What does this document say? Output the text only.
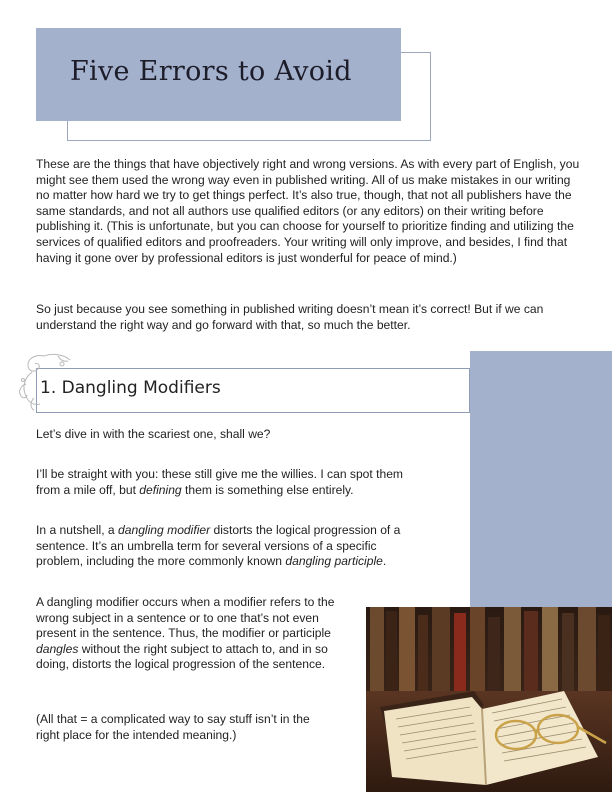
Five Errors to Avoid

These are the things that have objectively right and wrong versions. As with every part of English, you might see them used the wrong way even in published writing. All of us make mistakes in our writing no matter how hard we try to get things perfect. It’s also true, though, that not all publishers have the same standards, and not all authors use qualified editors (or any editors) on their writing before publishing it. (This is unfortunate, but you can choose for yourself to prioritize finding and utilizing the services of qualified editors and proofreaders. Your writing will only improve, and besides, I find that having it gone over by professional editors is just wonderful for peace of mind.)

So just because you see something in published writing doesn’t mean it’s correct! But if we can understand the right way and go forward with that, so much the better.

1. Dangling Modifiers

Let’s dive in with the scariest one, shall we?

I’ll be straight with you: these still give me the willies. I can spot them from a mile off, but defining them is something else entirely.

In a nutshell, a dangling modifier distorts the logical progression of a sentence. It’s an umbrella term for several versions of a specific problem, including the more commonly known dangling participle.

A dangling modifier occurs when a modifier refers to the wrong subject in a sentence or to one that’s not even present in the sentence. Thus, the modifier or participle dangles without the right subject to attach to, and in so doing, distorts the logical progression of the sentence.

(All that = a complicated way to say stuff isn’t in the right place for the intended meaning.)
